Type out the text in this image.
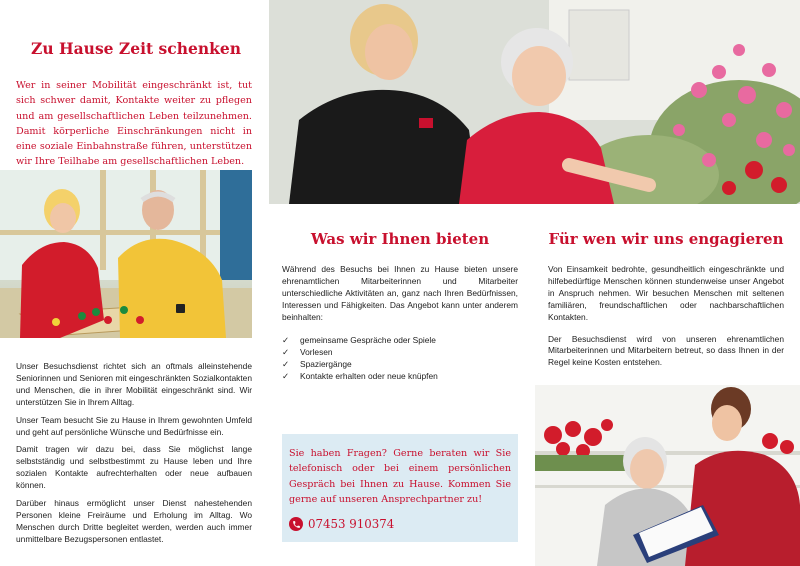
Zu Hause Zeit schenken

Wer in seiner Mobilität eingeschränkt ist, tut sich schwer damit, Kontakte weiter zu pflegen und am gesellschaftlichen Leben teilzunehmen. Damit körperliche Einschränkungen nicht in eine soziale Einbahnstraße führen, unterstützen wir Ihre Teilhabe am gesellschaftlichen Leben.

Unser Besuchsdienst richtet sich an oftmals alleinstehende Seniorinnen und Senioren mit eingeschränkten Sozialkontakten und Menschen, die in ihrer Mobilität eingeschränkt sind. Wir unterstützen Sie in Ihrem Alltag.

Unser Team besucht Sie zu Hause in Ihrem gewohnten Umfeld und geht auf persönliche Wünsche und Bedürfnisse ein.

Damit tragen wir dazu bei, dass Sie möglichst lange selbstständig und selbstbestimmt zu Hause leben und Ihre sozialen Kontakte aufrechterhalten oder neue aufbauen können.

Darüber hinaus ermöglicht unser Dienst nahestehenden Personen kleine Freiräume und Erholung im Alltag. Wo Menschen durch Dritte begleitet werden, werden auch immer unmittelbare Bezugspersonen entlastet.

Was wir Ihnen bieten

Während des Besuchs bei Ihnen zu Hause bieten unsere ehrenamtlichen Mitarbeiterinnen und Mitarbeiter unterschiedliche Aktivitäten an, ganz nach Ihren Bedürfnissen, Interessen und Fähigkeiten. Das Angebot kann unter anderem beinhalten:

✓	gemeinsame Gespräche oder Spiele
✓	Vorlesen
✓	Spaziergänge
✓	Kontakte erhalten oder neue knüpfen

Sie haben Fragen? Gerne beraten wir Sie telefonisch oder bei einem persönlichen Gespräch bei Ihnen zu Hause. Kommen Sie gerne auf unseren Ansprechpartner zu!

07453 910374
Für wen wir uns engagieren

Von Einsamkeit bedrohte, gesundheitlich eingeschränkte und hilfebedürftige Menschen können stundenweise unser Angebot in Anspruch nehmen. Wir besuchen Menschen mit seltenen familiären, freundschaftlichen oder nachbarschaftlichen Kontakten.

Der Besuchsdienst wird von unseren ehrenamtlichen Mitarbeiterinnen und Mitarbeitern betreut, so dass Ihnen in der Regel keine Kosten entstehen.
